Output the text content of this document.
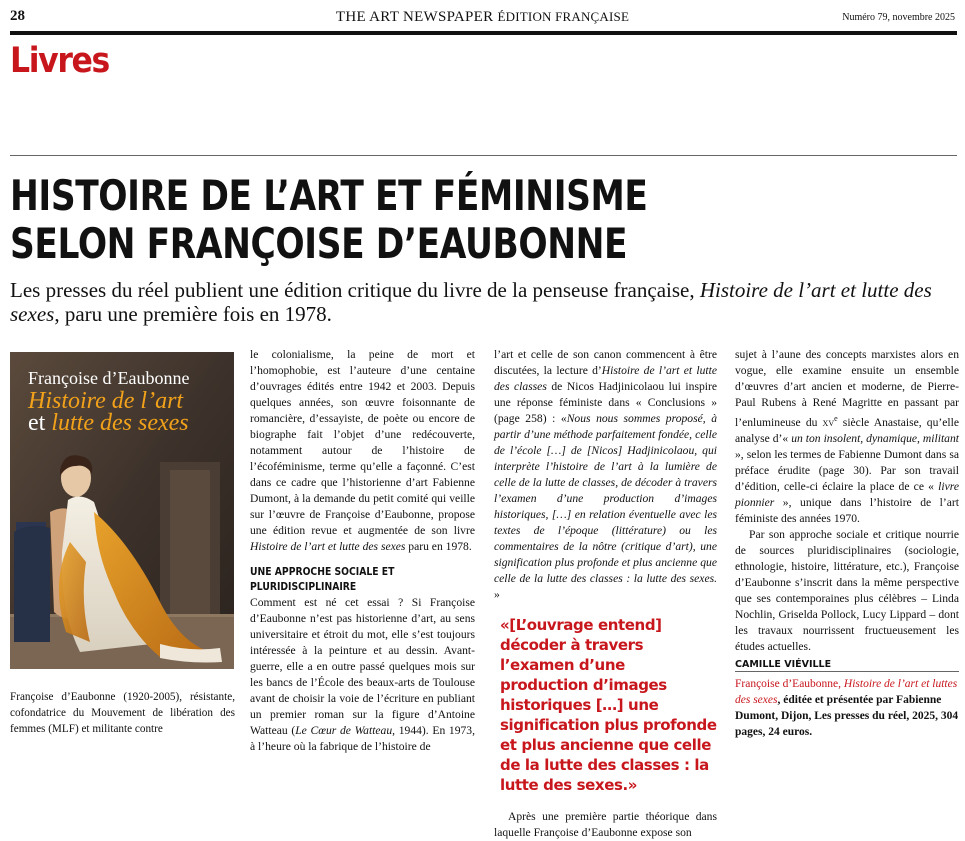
28	THE ART NEWSPAPER ÉDITION FRANÇAISE	Numéro 79, novembre 2025
Livres
HISTOIRE DE L’ART ET FÉMINISME
SELON FRANÇOISE D’EAUBONNE
Les presses du réel publient une édition critique du livre de la penseuse française, Histoire de l’art et lutte des sexes, paru une première fois en 1978.
Françoise d’Eaubonne
Histoire de l’art
et lutte des sexes
Françoise d’Eaubonne (1920-2005), résistante, cofondatrice du Mouvement de libération des femmes (MLF) et militante contre

le colonialisme, la peine de mort et l’homophobie, est l’auteure d’une centaine d’ouvrages édités entre 1942 et 2003. Depuis quelques années, son œuvre foisonnante de romancière, d’essayiste, de poète ou encore de biographe fait l’objet d’une redécouverte, notamment autour de l’histoire de l’écoféminisme, terme qu’elle a façonné. C’est dans ce cadre que l’historienne d’art Fabienne Dumont, à la demande du petit comité qui veille sur l’œuvre de Françoise d’Eaubonne, propose une édition revue et augmentée de son livre Histoire de l’art et lutte des sexes paru en 1978.

UNE APPROCHE SOCIALE ET PLURIDISCIPLINAIRE

Comment est né cet essai ? Si Françoise d’Eaubonne n’est pas historienne d’art, au sens universitaire et étroit du mot, elle s’est toujours intéressée à la peinture et au dessin. Avant-guerre, elle a en outre passé quelques mois sur les bancs de l’École des beaux-arts de Toulouse avant de choisir la voie de l’écriture en publiant un premier roman sur la figure d’Antoine Watteau (Le Cœur de Watteau, 1944). En 1973, à l’heure où la fabrique de l’histoire de

l’art et celle de son canon commencent à être discutées, la lecture d’Histoire de l’art et lutte des classes de Nicos Hadjinicolaou lui inspire une réponse féministe dans « Conclusions » (page 258) : «Nous nous sommes proposé, à partir d’une méthode parfaitement fondée, celle de l’école […] de [Nicos] Hadjinicolaou, qui interprète l’histoire de l’art à la lumière de celle de la lutte de classes, de décoder à travers l’examen d’une production d’images historiques, […] en relation éventuelle avec les textes de l’époque (littérature) ou les commentaires de la nôtre (critique d’art), une signification plus profonde et plus ancienne que celle de la lutte des classes : la lutte des sexes. »

«[L’ouvrage entend] décoder à travers l’examen d’une production d’images historiques […] une signification plus profonde et plus ancienne que celle de la lutte des classes : la lutte des sexes.»

Après une première partie théorique dans laquelle Françoise d’Eaubonne expose son

sujet à l’aune des concepts marxistes alors en vogue, elle examine ensuite un ensemble d’œuvres d’art ancien et moderne, de Pierre-Paul Rubens à René Magritte en passant par l’enlumineuse du $xv^e$ siècle Anastaise, qu’elle analyse d’« un ton insolent, dynamique, militant », selon les termes de Fabienne Dumont dans sa préface érudite (page 30). Par son travail d’édition, celle-ci éclaire la place de ce « livre pionnier », unique dans l’histoire de l’art féministe des années 1970.

Par son approche sociale et critique nourrie de sources pluridisciplinaires (sociologie, ethnologie, histoire, littérature, etc.), Françoise d’Eaubonne s’inscrit dans la même perspective que ses contemporaines plus célèbres – Linda Nochlin, Griselda Pollock, Lucy Lippard – dont les travaux nourrissent fructueusement les études actuelles.

CAMILLE VIÉVILLE

Françoise d’Eaubonne, Histoire de l’art et luttes des sexes, éditée et présentée par Fabienne Dumont, Dijon, Les presses du réel, 2025, 304 pages, 24 euros.
